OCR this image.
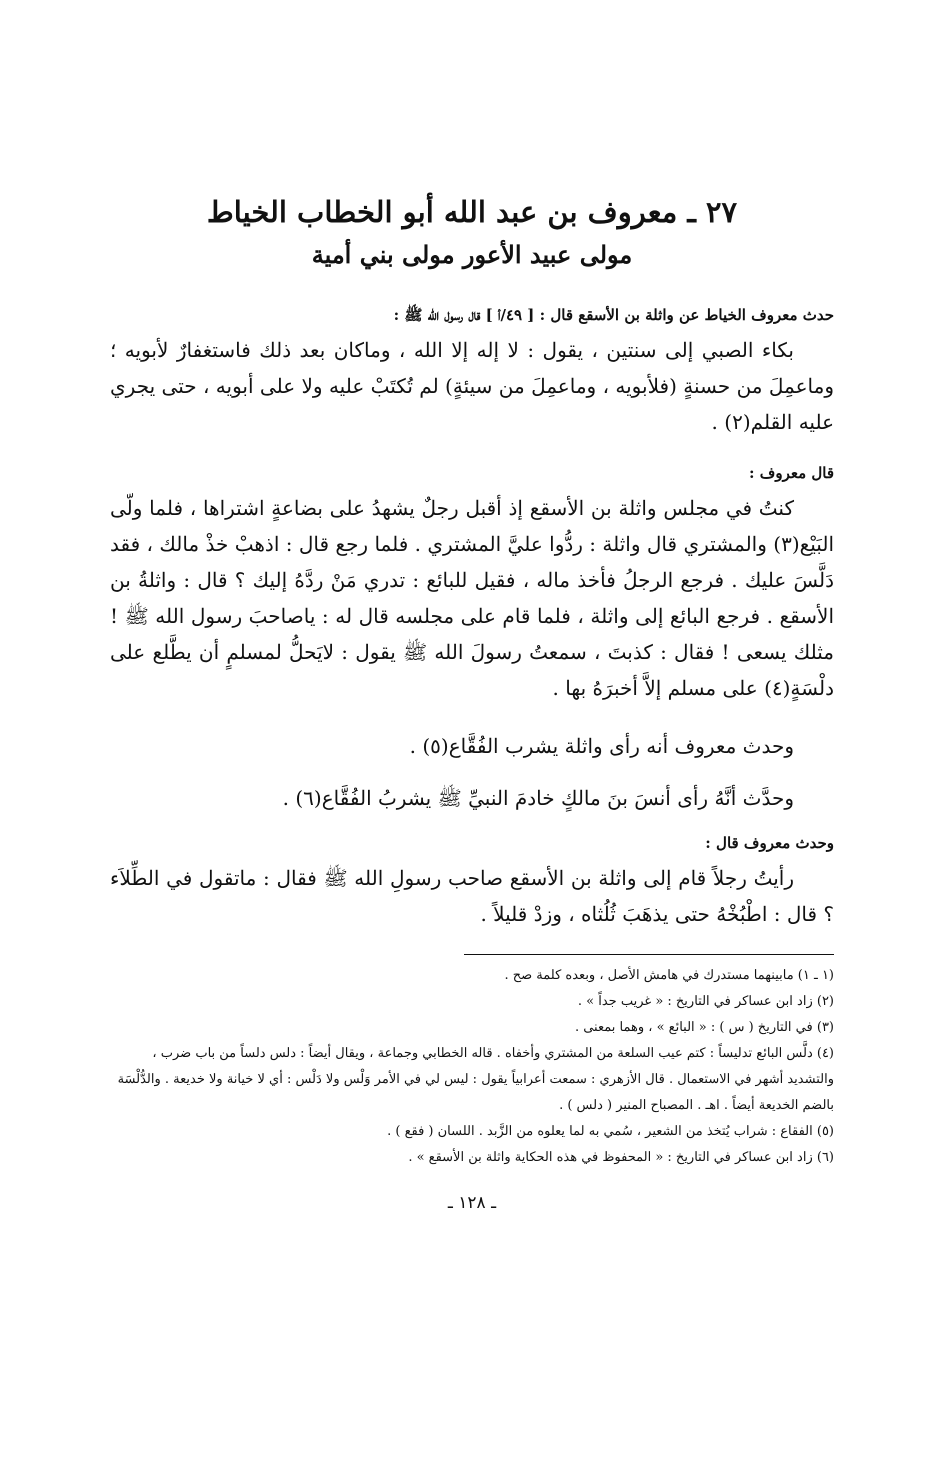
٢٧ ـ معروف بن عبد الله أبو الخطاب الخياط
مولى عبيد الأعور مولى بني أمية

حدث معروف الخياط عن واثلة بن الأسقع قال : [ ٤٩/أ ] قال رسول الله ﷺ :

بكاء الصبي إلى سنتين ، يقول : لا إله إلا الله ، وماكان بعد ذلك فاستغفارٌ لأبويه ؛ وماعمِلَ من حسنةٍ (فلأبويه ، وماعمِلَ من سيئةٍ) لم تُكتَبْ عليه ولا على أبويه ، حتى يجري عليه القلم(٢) .

قال معروف :

كنتُ في مجلس واثلة بن الأسقع إذ أقبل رجلٌ يشهدُ على بضاعةٍ اشتراها ، فلما ولّى البَيْع(٣) والمشتري قال واثلة : ردُّوا عليَّ المشتري . فلما رجع قال : اذهبْ خذْ مالك ، فقد دَلَّسَ عليك . فرجع الرجلُ فأخذ ماله ، فقيل للبائع : تدري مَنْ ردَّهُ إليك ؟ قال : واثلةُ بن الأسقع . فرجع البائع إلى واثلة ، فلما قام على مجلسه قال له : ياصاحبَ رسول الله ﷺ ! مثلك يسعى ! فقال : كذبتَ ، سمعتُ رسولَ الله ﷺ يقول : لايَحلُّ لمسلمٍ أن يطَّلع على دلْسَةٍ(٤) على مسلم إلاَّ أخبرَهُ بها .

وحدث معروف أنه رأى واثلة يشرب الفُقَّاع(٥) .

وحدَّث أنَّهُ رأى أنسَ بنَ مالكٍ خادمَ النبيِّ ﷺ يشربُ الفُقَّاع(٦) .

وحدث معروف قال :

رأيتُ رجلاً قام إلى واثلة بن الأسقع صاحب رسولِ الله ﷺ فقال : ماتقول في الطِّلاَء ؟ قال : اطْبُخْهُ حتى يذهَبَ ثُلُثاه ، وزدْ قليلاً .

(١ ـ ١) مابينهما مستدرك في هامش الأصل ، وبعده كلمة صح .

(٢) زاد ابن عساكر في التاريخ : « غريب جداً » .

(٣) في التاريخ ( س ) : « البائع » ، وهما بمعنى .

(٤) دلَّس البائع تدليساً : كتم عيب السلعة من المشتري وأخفاه . قاله الخطابي وجماعة ، ويقال أيضاً : دلس دلساً من باب ضرب ، والتشديد أشهر في الاستعمال . قال الأزهري : سمعت أعرابياً يقول : ليس لي في الأمر وَلْس ولا دَلْس : أي لا خيانة ولا خديعة . والدُّلْسَة بالضم الخديعة أيضاً . اهـ . المصباح المنير ( دلس ) .

(٥) الفقاع : شراب يُتخذ من الشعير ، سُمي به لما يعلوه من الزَّبد . اللسان ( فقع ) .

(٦) زاد ابن عساكر في التاريخ : « المحفوظ في هذه الحكاية واثلة بن الأسقع » .

ـ ١٢٨ ـ
